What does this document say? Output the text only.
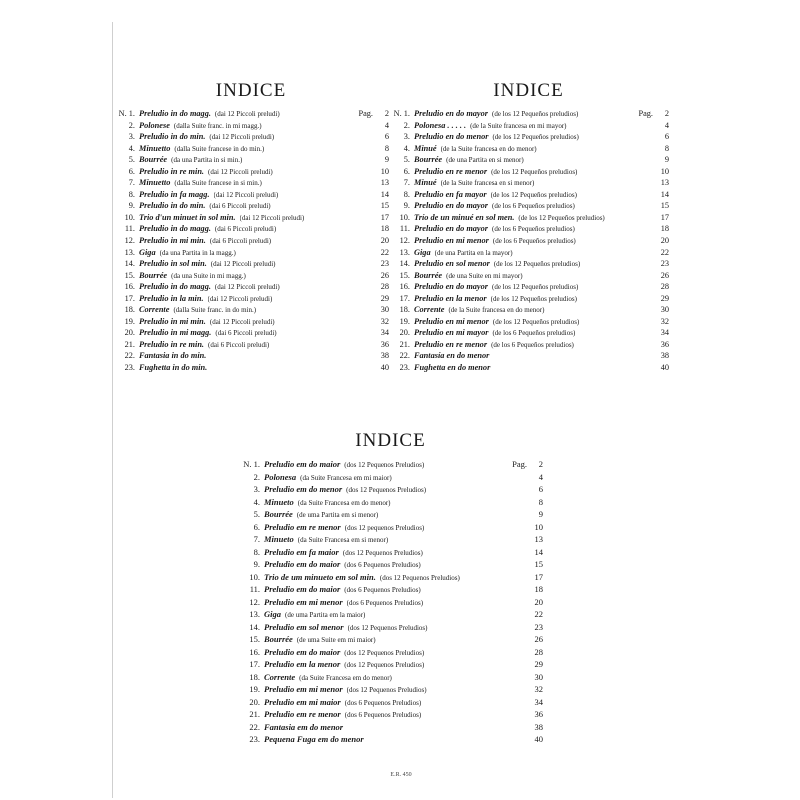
INDICE
N. 1. Preludio in do magg. (dai 12 Piccoli preludi)	Pag.	2
2. Polonese (dalla Suite franc. in mi magg.)	4
3. Preludio in do min. (dai 12 Piccoli preludi)	6
4. Minuetto (dalla Suite francese in do min.)	8
5. Bourrée (da una Partita in si min.)	9
6. Preludio in re min. (dai 12 Piccoli preludi)	10
7. Minuetto (dalla Suite francese in si min.)	13
8. Preludio in fa magg. (dai 12 Piccoli preludi)	14
9. Preludio in do min. (dai 6 Piccoli preludi)	15
10. Trio d'un minuet in sol min. (dai 12 Piccoli preludi)	17
11. Preludio in do magg. (dai 6 Piccoli preludi)	18
12. Preludio in mi min. (dai 6 Piccoli preludi)	20
13. Giga (da una Partita in la magg.)	22
14. Preludio in sol min. (dai 12 Piccoli preludi)	23
15. Bourrée (da una Suite in mi magg.)	26
16. Preludio in do magg. (dai 12 Piccoli preludi)	28
17. Preludio in la min. (dai 12 Piccoli preludi)	29
18. Corrente (dalla Suite franc. in do min.)	30
19. Preludio in mi min. (dai 12 Piccoli preludi)	32
20. Preludio in mi magg. (dai 6 Piccoli preludi)	34
21. Preludio in re min. (dai 6 Piccoli preludi)	36
22. Fantasia in do min.	38
23. Fughetta in do min.	40
INDICE
N. 1. Preludio en do mayor (de los 12 Pequeños preludios)	Pag.	2
2. Polonesa . . . . . (de la Suite francesa en mi mayor)	4
3. Preludio en do menor (de los 12 Pequeños preludios)	6
4. Minué (de la Suite francesa en do menor)	8
5. Bourrée (de una Partita en si menor)	9
6. Preludio en re menor (de los 12 Pequeños preludios)	10
7. Minué (de la Suite francesa en si menor)	13
8. Preludio en fa mayor (de los 12 Pequeños preludios)	14
9. Preludio en do mayor (de los 6 Pequeños preludios)	15
10. Trío de un minué en sol men. (de los 12 Pequeños preludios)	17
11. Preludio en do mayor (de los 6 Pequeños preludios)	18
12. Preludio en mi menor (de los 6 Pequeños preludios)	20
13. Giga (de una Partita en la mayor)	22
14. Preludio en sol menor (de los 12 Pequeños preludios)	23
15. Bourrée (de una Suite en mi mayor)	26
16. Preludio en do mayor (de los 12 Pequeños preludios)	28
17. Preludio en la menor (de los 12 Pequeños preludios)	29
18. Corrente (de la Suite francesa en do menor)	30
19. Preludio en mi menor (de los 12 Pequeños preludios)	32
20. Preludio en mi mayor (de los 6 Pequeños preludios)	34
21. Preludio en re menor (de los 6 Pequeños preludios)	36
22. Fantasía en do menor	38
23. Fughetta en do menor	40
INDICE
N. 1. Preludio em do maior (dos 12 Pequenos Preludios)	Pag.	2
2. Polonesa (da Suite Francesa em mi maior)	4
3. Preludio em do menor (dos 12 Pequenos Preludios)	6
4. Minueto (da Suite Francesa em do menor)	8
5. Bourrée (de uma Partita em si menor)	9
6. Preludio em re menor (dos 12 pequenos Preludios)	10
7. Minueto (da Suite Francesa em si menor)	13
8. Preludio em fa maior (dos 12 Pequenos Preludios)	14
9. Preludio em do maior (dos 6 Pequenos Preludios)	15
10. Trio de um minueto em sol min. (dos 12 Pequenos Preludios)	17
11. Preludio em do maior (dos 6 Pequenos Preludios)	18
12. Preludio em mi menor (dos 6 Pequenos Preludios)	20
13. Giga (de uma Partita em la maior)	22
14. Preludio em sol menor (dos 12 Pequenos Preludios)	23
15. Bourrée (de uma Suite em mi maior)	26
16. Preludio em do maior (dos 12 Pequenos Preludios)	28
17. Preludio em la menor (dos 12 Pequenos Preludios)	29
18. Corrente (da Suite Francesa em do menor)	30
19. Preludio em mi menor (dos 12 Pequenos Preludios)	32
20. Preludio em mi maior (dos 6 Pequenos Preludios)	34
21. Preludio em re menor (dos 6 Pequenos Preludios)	36
22. Fantasia em do menor	38
23. Pequena Fuga em do menor	40
E.R. 450
